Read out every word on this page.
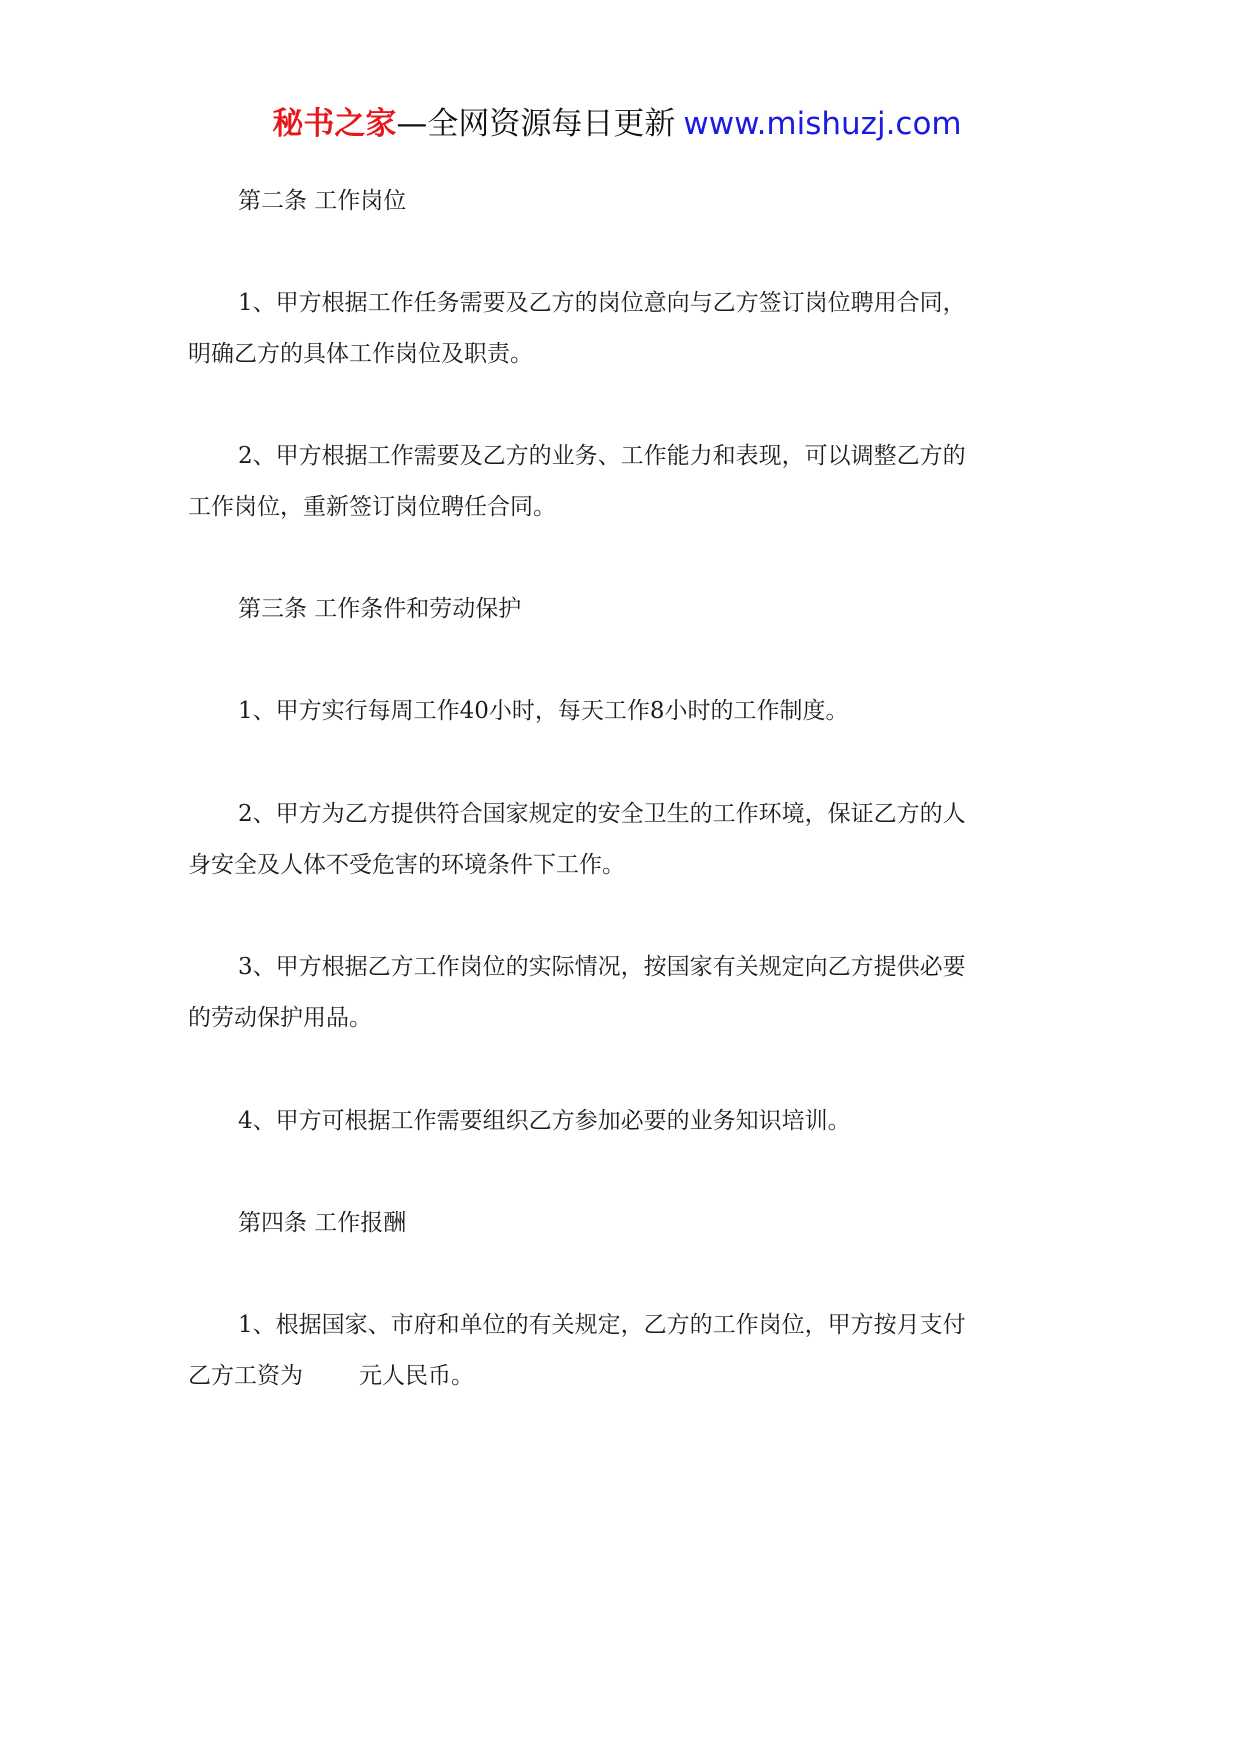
秘书之家—全网资源每日更新 www.mishuzj.com
第二条 工作岗位
1、甲方根据工作任务需要及乙方的岗位意向与乙方签订岗位聘用合同，
明确乙方的具体工作岗位及职责。
2、甲方根据工作需要及乙方的业务、工作能力和表现，可以调整乙方的
工作岗位，重新签订岗位聘任合同。
第三条 工作条件和劳动保护
1、甲方实行每周工作40小时，每天工作8小时的工作制度。
2、甲方为乙方提供符合国家规定的安全卫生的工作环境，保证乙方的人
身安全及人体不受危害的环境条件下工作。
3、甲方根据乙方工作岗位的实际情况，按国家有关规定向乙方提供必要
的劳动保护用品。
4、甲方可根据工作需要组织乙方参加必要的业务知识培训。
第四条 工作报酬
1、根据国家、市府和单位的有关规定，乙方的工作岗位，甲方按月支付
乙方工资为 元人民币。
